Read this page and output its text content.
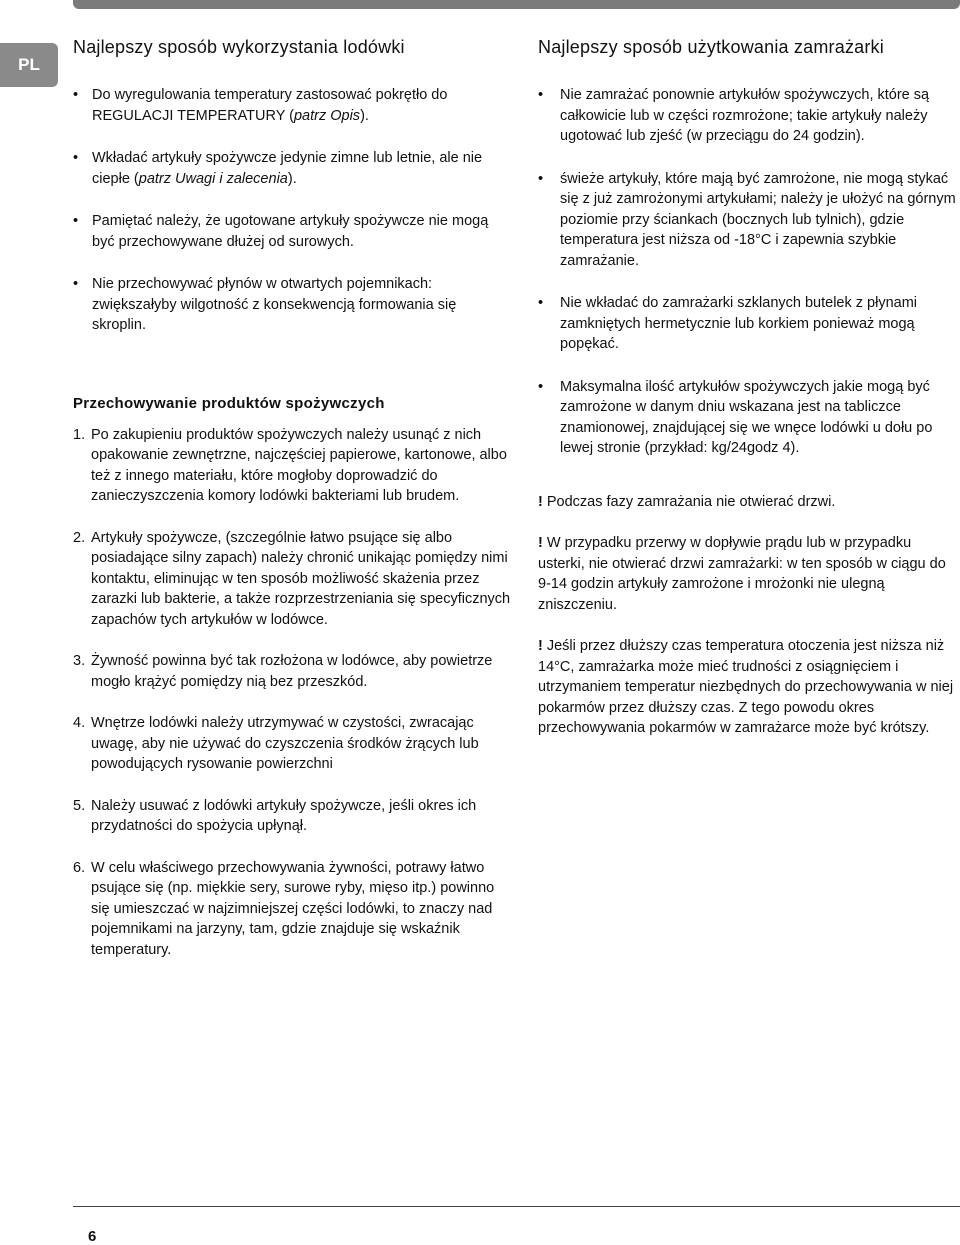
PL
Najlepszy sposób wykorzystania lodówki
• Do wyregulowania temperatury zastosować pokrętło do REGULACJI TEMPERATURY (patrz Opis).
• Wkładać artykuły spożywcze jedynie zimne lub letnie, ale nie ciepłe (patrz Uwagi i zalecenia).
• Pamiętać należy, że ugotowane artykuły spożywcze nie mogą być przechowywane dłużej od surowych.
• Nie przechowywać płynów w otwartych pojemnikach: zwiększałyby wilgotność z konsekwencją formowania się skroplin.
Przechowywanie produktów spożywczych
1. Po zakupieniu produktów spożywczych należy usunąć z nich opakowanie zewnętrzne, najczęściej papierowe, kartonowe, albo też z innego materiału, które mogłoby doprowadzić do zanieczyszczenia komory lodówki bakteriami lub brudem.
2. Artykuły spożywcze, (szczególnie łatwo psujące się albo posiadające silny zapach) należy chronić unikając pomiędzy nimi kontaktu, eliminując w ten sposób możliwość skażenia przez zarazki lub bakterie, a także rozprzestrzeniania się specyficznych zapachów tych artykułów w lodówce.
3. Żywność powinna być tak rozłożona w lodówce, aby powietrze mogło krążyć pomiędzy nią bez przeszkód.
4. Wnętrze lodówki należy utrzymywać w czystości, zwracając uwagę, aby nie używać do czyszczenia środków żrących lub powodujących rysowanie powierzchni
5. Należy usuwać z lodówki artykuły spożywcze, jeśli okres ich przydatności do spożycia upłynął.
6. W celu właściwego przechowywania żywności, potrawy łatwo psujące się (np. miękkie sery, surowe ryby, mięso itp.) powinno się umieszczać w najzimniejszej części lodówki, to znaczy nad pojemnikami na jarzyny, tam, gdzie znajduje się wskaźnik temperatury.
Najlepszy sposób użytkowania zamrażarki
• Nie zamrażać ponownie artykułów spożywczych, które są całkowicie lub w części rozmrożone; takie artykuły należy ugotować lub zjeść (w przeciągu do 24 godzin).
• świeże artykuły, które mają być zamrożone, nie mogą stykać się z już zamrożonymi artykułami; należy je ułożyć na górnym poziomie przy ściankach (bocznych lub tylnich), gdzie temperatura jest niższa od -18°C i zapewnia szybkie zamrażanie.
• Nie wkładać do zamrażarki szklanych butelek z płynami zamkniętych hermetycznie lub korkiem ponieważ mogą popękać.
• Maksymalna ilość artykułów spożywczych jakie mogą być zamrożone w danym dniu wskazana jest na tabliczce znamionowej, znajdującej się we wnęce lodówki u dołu po lewej stronie (przykład: kg/24godz 4).

! Podczas fazy zamrażania nie otwierać drzwi.

! W przypadku przerwy w dopływie prądu lub w przypadku usterki, nie otwierać drzwi zamrażarki: w ten sposób w ciągu do 9-14 godzin artykuły zamrożone i mrożonki nie ulegną zniszczeniu.

! Jeśli przez dłuższy czas temperatura otoczenia jest niższa niż 14°C, zamrażarka może mieć trudności z osiągnięciem i utrzymaniem temperatur niezbędnych do przechowywania w niej pokarmów przez dłuższy czas. Z tego powodu okres przechowywania pokarmów w zamrażarce może być krótszy.

6
